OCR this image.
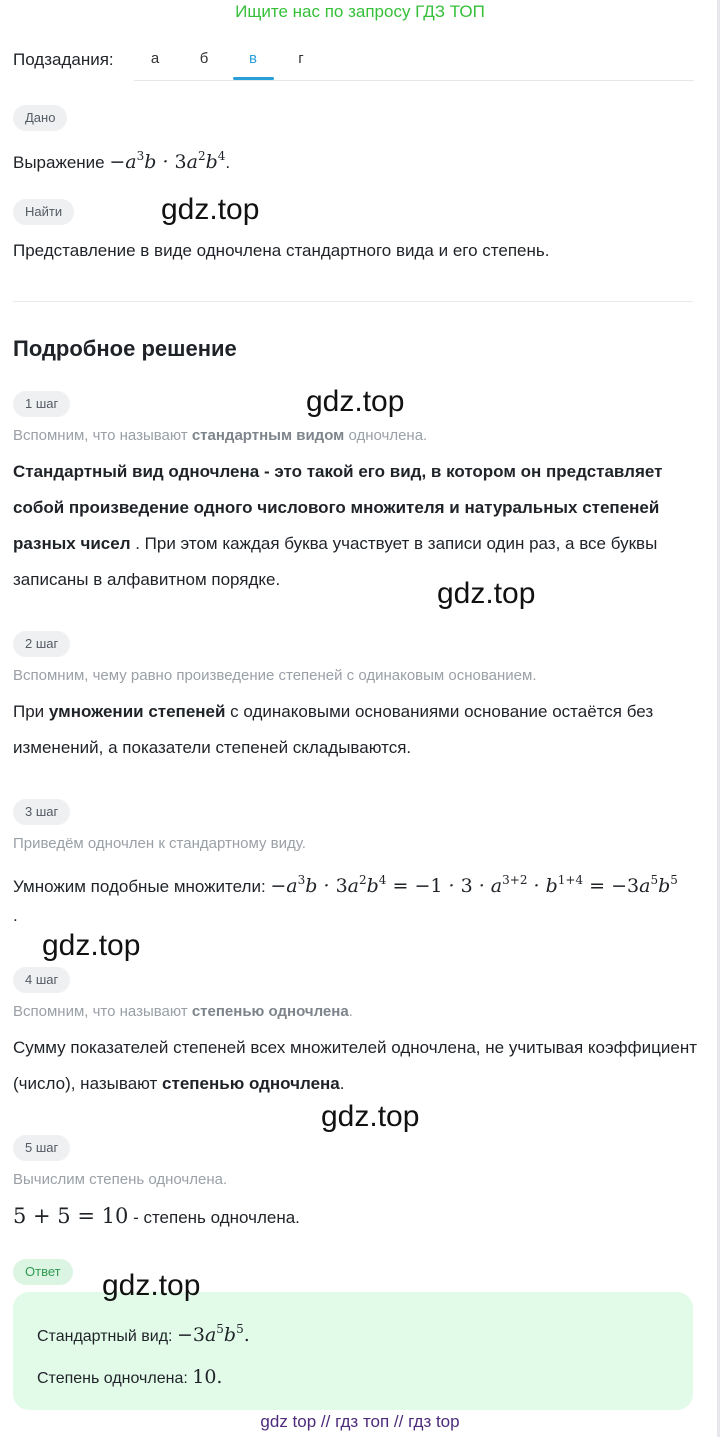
Ищите нас по запросу ГДЗ ТОП
Подзадания:	а	б	в	г
Дано
Выражение $-a^3b \cdot 3a^2b^4$.
Найти
Представление в виде одночлена стандартного вида и его степень.
Подробное решение
1 шаг
Вспомним, что называют стандартным видом одночлена.
Стандартный вид одночлена - это такой его вид, в котором он представляет собой произведение одного числового множителя и натуральных степеней разных чисел . При этом каждая буква участвует в записи один раз, а все буквы записаны в алфавитном порядке.
2 шаг
Вспомним, чему равно произведение степеней с одинаковым основанием.
При умножении степеней с одинаковыми основаниями основание остаётся без изменений, а показатели степеней складываются.
3 шаг
Приведём одночлен к стандартному виду.
Умножим подобные множители: $-a^3b \cdot 3a^2b^4 = -1 \cdot 3 \cdot a^{3+2} \cdot b^{1+4} = -3a^5b^5$
.
4 шаг
Вспомним, что называют степенью одночлена.
Сумму показателей степеней всех множителей одночлена, не учитывая коэффициент (число), называют степенью одночлена.
5 шаг
Вычислим степень одночлена.
5 + 5 = 10 - степень одночлена.
Ответ
Стандартный вид: $-3a^5b^5$.
Степень одночлена: 10.
gdz.top
gdz.top
gdz.top
gdz.top
gdz.top
gdz.top
gdz top // гдз топ // гдз top
